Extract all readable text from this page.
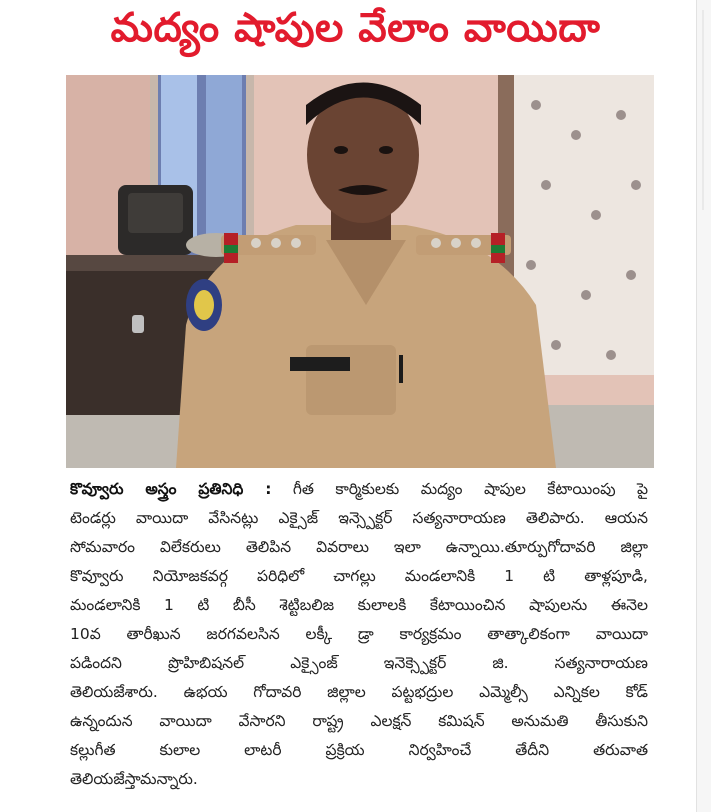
మద్యం షాపుల వేలాం వాయిదా
కొవ్వూరు అస్త్రం ప్రతినిధి : గీత కార్మికులకు మద్యం షాపుల కేటాయింపు పై
టెండర్లు వాయిదా వేసినట్లు ఎక్సైజ్ ఇన్స్పెక్టర్ సత్యనారాయణ తెలిపారు. ఆయన
సోమవారం విలేకరులు తెలిపిన వివరాలు ఇలా ఉన్నాయి.తూర్పుగోదావరి జిల్లా
కొవ్వూరు నియోజకవర్గ పరిధిలో చాగల్లు మండలానికి 1 టి తాళ్లపూడి,
మండలానికి 1 టి బీసీ శెట్టిబలిజ కులాలకి కేటాయించిన షాపులను ఈనెల
10వ తారీఖున జరగవలసిన లక్కీ డ్రా కార్యక్రమం తాత్కాలికంగా వాయిదా
పడిందని ప్రొహిబిషనల్ ఎక్సైంజ్ ఇనెక్స్పెక్టర్ జి. సత్యనారాయణ
తెలియజేశారు. ఉభయ గోదావరి జిల్లాల పట్టభద్రుల ఎమ్మెల్సీ ఎన్నికల కోడ్
ఉన్నందున వాయిదా వేసారని రాష్ట్ర ఎలక్షన్ కమిషన్ అనుమతి తీసుకుని
కల్లుగీత కులాల లాటరీ ప్రక్రియ నిర్వహించే తేదీని తరువాత
తెలియజేస్తామన్నారు.
